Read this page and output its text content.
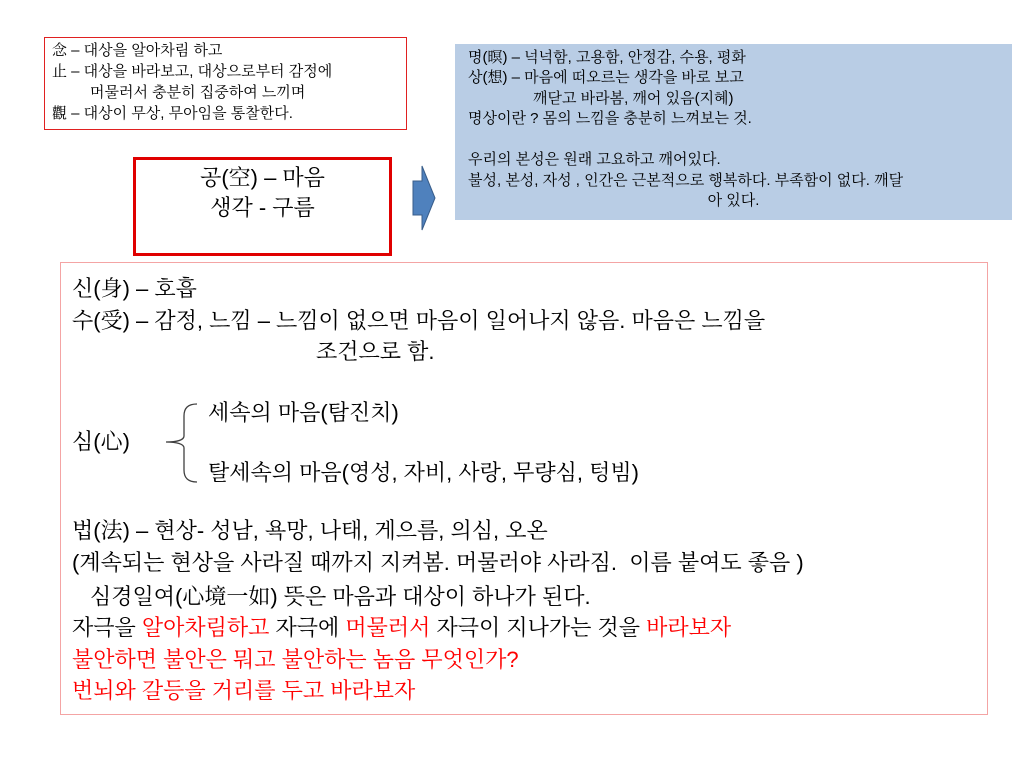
念 – 대상을 알아차림 하고
止 – 대상을 바라보고, 대상으로부터 감정에
머물러서 충분히 집중하여 느끼며
觀 – 대상이 무상, 무아임을 통찰한다.
명(暝) – 넉넉함, 고용함, 안정감, 수용, 평화
상(想) – 마음에 떠오르는 생각을 바로 보고
깨닫고 바라봄, 깨어 있음(지혜)
명상이란 ? 몸의 느낌을 충분히 느껴보는 것.
우리의 본성은 원래 고요하고 깨어있다.
불성, 본성, 자성 , 인간은 근본적으로 행복하다. 부족함이 없다. 깨달
아 있다.
공(空) – 마음
생각 - 구름
신(身) – 호흡
수(受) – 감정, 느낌 – 느낌이 없으면 마음이 일어나지 않음. 마음은 느낌을
조건으로 함.
세속의 마음(탐진치)
심(心)
탈세속의 마음(영성, 자비, 사랑, 무량심, 텅빔)
법(法) – 현상- 성남, 욕망, 나태, 게으름, 의심, 오온
(계속되는 현상을 사라질 때까지 지켜봄. 머물러야 사라짐.  이름 붙여도 좋음 )
심경일여(心境一如) 뜻은 마음과 대상이 하나가 된다.
자극을 알아차림하고 자극에 머물러서 자극이 지나가는 것을 바라보자
불안하면 불안은 뭐고 불안하는 놈음 무엇인가?
번뇌와 갈등을 거리를 두고 바라보자
